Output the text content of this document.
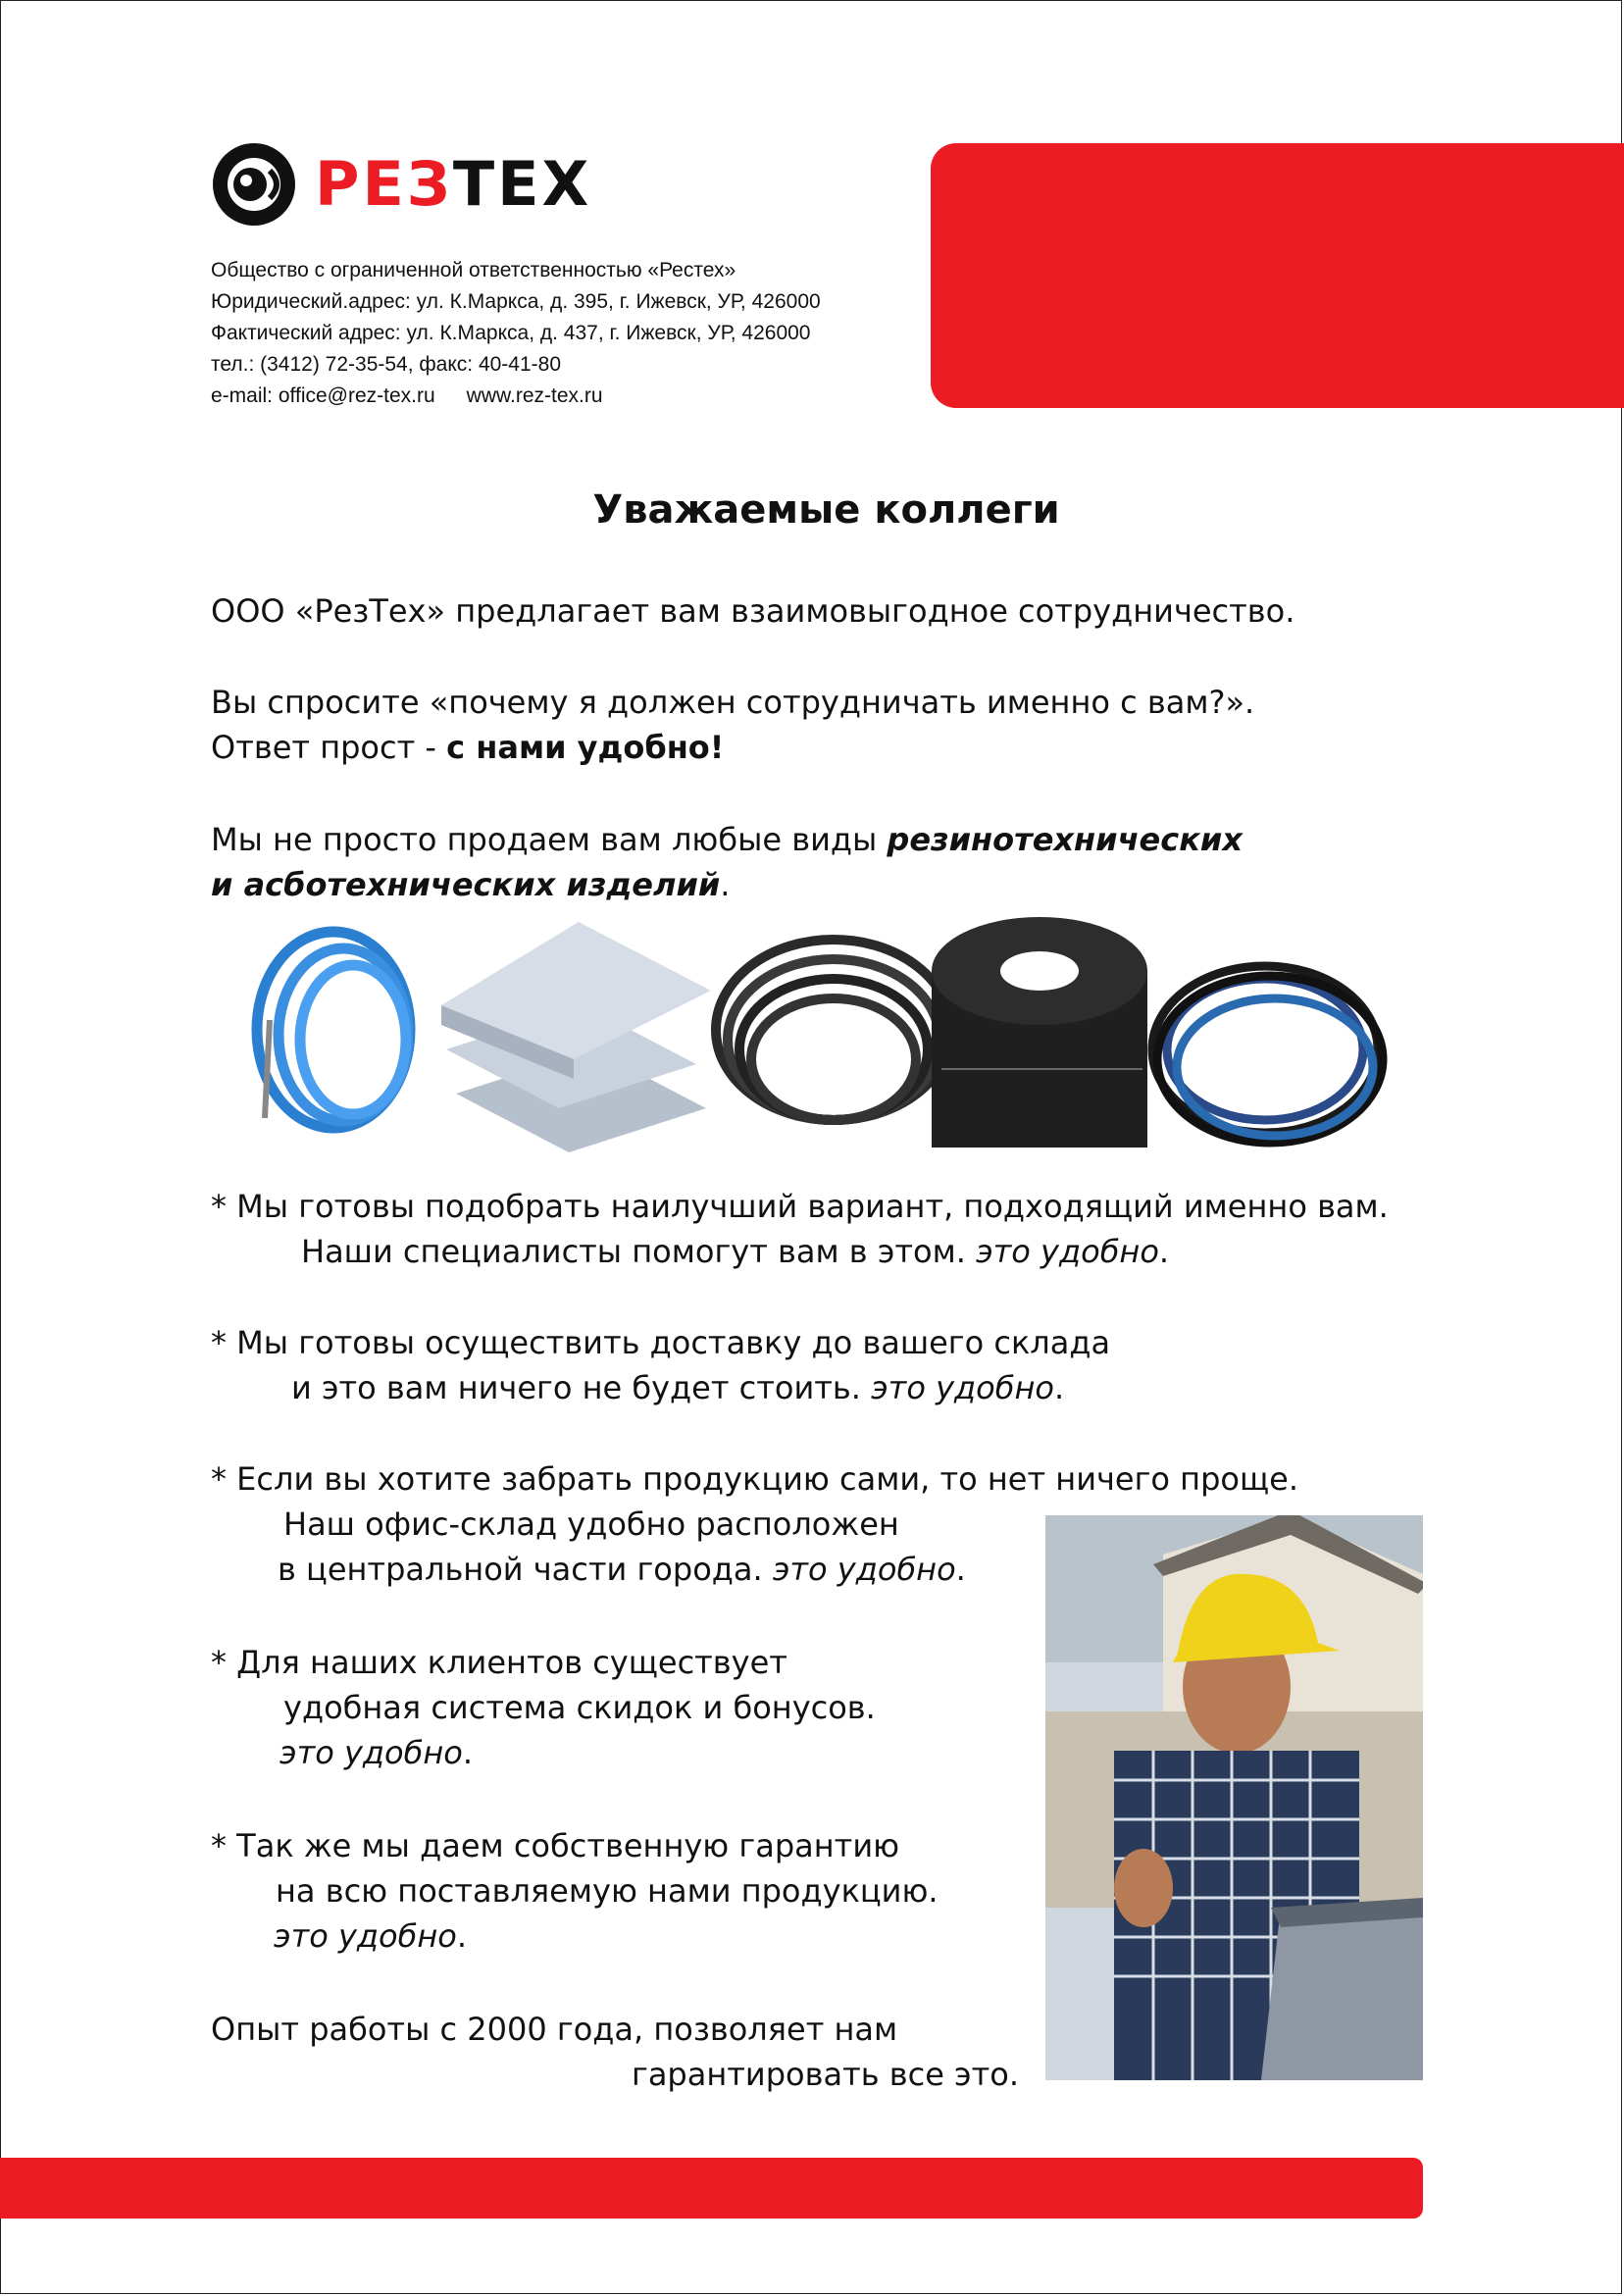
РЕЗТЕХ
Общество с ограниченной ответственностью «Рестех»
Юридический.адрес: ул. К.Маркса, д. 395, г. Ижевск, УР, 426000
Фактический адрес: ул. К.Маркса, д. 437, г. Ижевск, УР, 426000
тел.: (3412) 72-35-54, факс: 40-41-80
e-mail: office@rez-tex.ru www.rez-tex.ru
Уважаемые коллеги
ООО «РезТех» предлагает вам взаимовыгодное сотрудничество.
Вы спросите «почему я должен сотрудничать именно с вам?».
Ответ прост - с нами удобно!
Мы не просто продаем вам любые виды резинотехнических
и асботехнических изделий.
* Мы готовы подобрать наилучший вариант, подходящий именно вам.
Наши специалисты помогут вам в этом. это удобно.
* Мы готовы осуществить доставку до вашего склада
и это вам ничего не будет стоить. это удобно.
* Если вы хотите забрать продукцию сами, то нет ничего проще.
Наш офис-склад удобно расположен
в центральной части города. это удобно.
* Для наших клиентов существует
удобная система скидок и бонусов.
это удобно.
* Так же мы даем собственную гарантию
на всю поставляемую нами продукцию.
это удобно.
Опыт работы с 2000 года, позволяет нам
гарантировать все это.
